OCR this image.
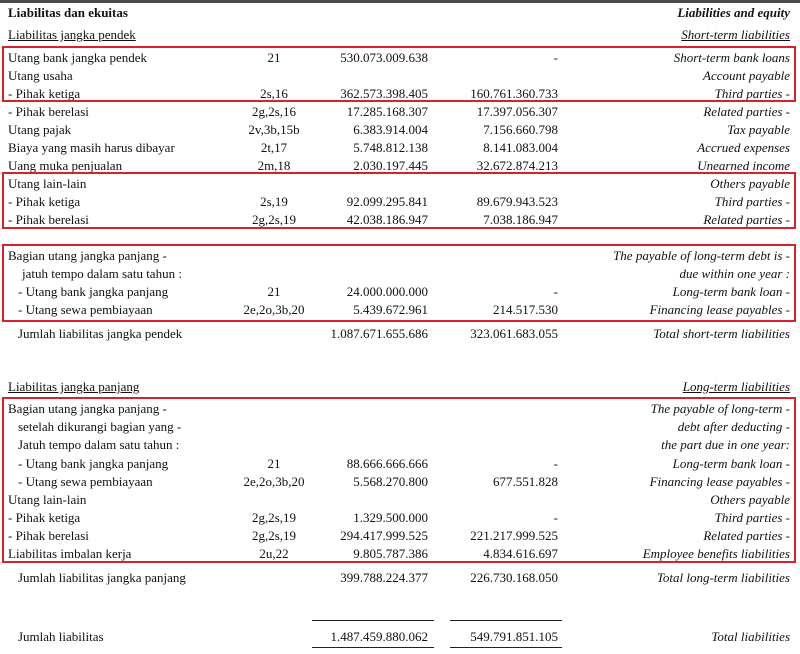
Liabilitas dan ekuitas	Liabilities and equity
Liabilitas jangka pendek	Short-term liabilities
Utang bank jangka pendek	21	530.073.009.638	-	Short-term bank loans
Utang usaha	Account payable
- Pihak ketiga	2s,16	362.573.398.405	160.761.360.733	Third parties -
- Pihak berelasi	2g,2s,16	17.285.168.307	17.397.056.307	Related parties -
Utang pajak	2v,3b,15b	6.383.914.004	7.156.660.798	Tax payable
Biaya yang masih harus dibayar	2t,17	5.748.812.138	8.141.083.004	Accrued expenses
Uang muka penjualan	2m,18	2.030.197.445	32.672.874.213	Unearned income
Utang lain-lain	Others payable
- Pihak ketiga	2s,19	92.099.295.841	89.679.943.523	Third parties -
- Pihak berelasi	2g,2s,19	42.038.186.947	7.038.186.947	Related parties -
Bagian utang jangka panjang -	The payable of long-term debt is -
jatuh tempo dalam satu tahun :	due within one year :
- Utang bank jangka panjang	21	24.000.000.000	-	Long-term bank loan -
- Utang sewa pembiayaan	2e,2o,3b,20	5.439.672.961	214.517.530	Financing lease payables -
Jumlah liabilitas jangka pendek	1.087.671.655.686	323.061.683.055	Total short-term liabilities
Liabilitas jangka panjang	Long-term liabilities
Bagian utang jangka panjang -	The payable of long-term -
setelah dikurangi bagian yang -	debt after deducting -
Jatuh tempo dalam satu tahun :	the part due in one year:
- Utang bank jangka panjang	21	88.666.666.666	-	Long-term bank loan -
- Utang sewa pembiayaan	2e,2o,3b,20	5.568.270.800	677.551.828	Financing lease payables -
Utang lain-lain	Others payable
- Pihak ketiga	2g,2s,19	1.329.500.000	-	Third parties -
- Pihak berelasi	2g,2s,19	294.417.999.525	221.217.999.525	Related parties -
Liabilitas imbalan kerja	2u,22	9.805.787.386	4.834.616.697	Employee benefits liabilities
Jumlah liabilitas jangka panjang	399.788.224.377	226.730.168.050	Total long-term liabilities
Jumlah liabilitas	1.487.459.880.062	549.791.851.105	Total liabilities
